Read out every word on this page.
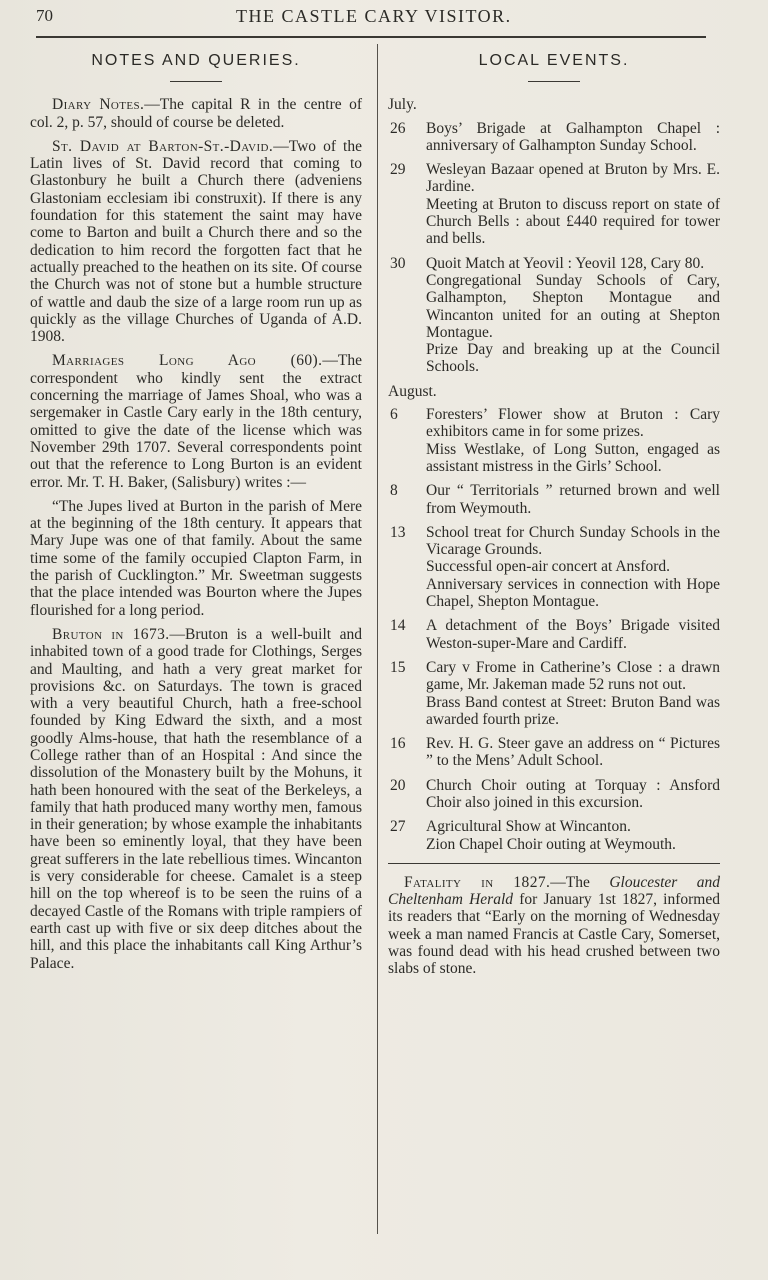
70	THE CASTLE CARY VISITOR.
NOTES AND QUERIES.

Diary Notes.—The capital R in the centre of col. 2, p. 57, should of course be deleted.

St. David at Barton-St.-David.—Two of the Latin lives of St. David record that coming to Glastonbury he built a Church there (adveniens Glastoniam ecclesiam ibi construxit). If there is any foundation for this statement the saint may have come to Barton and built a Church there and so the dedication to him record the forgotten fact that he actually preached to the heathen on its site. Of course the Church was not of stone but a humble structure of wattle and daub the size of a large room run up as quickly as the village Churches of Uganda of A.D. 1908.

Marriages Long Ago (60).—The correspondent who kindly sent the extract concerning the marriage of James Shoal, who was a sergemaker in Castle Cary early in the 18th century, omitted to give the date of the license which was November 29th 1707. Several correspondents point out that the reference to Long Burton is an evident error. Mr. T. H. Baker, (Salisbury) writes :—

“The Jupes lived at Burton in the parish of Mere at the beginning of the 18th century. It appears that Mary Jupe was one of that family. About the same time some of the family occupied Clapton Farm, in the parish of Cucklington.” Mr. Sweetman suggests that the place intended was Bourton where the Jupes flourished for a long period.

Bruton in 1673.—Bruton is a well-built and inhabited town of a good trade for Clothings, Serges and Maulting, and hath a very great market for provisions &c. on Saturdays. The town is graced with a very beautiful Church, hath a free-school founded by King Edward the sixth, and a most goodly Alms-house, that hath the resemblance of a College rather than of an Hospital : And since the dissolution of the Monastery built by the Mohuns, it hath been honoured with the seat of the Berkeleys, a family that hath produced many worthy men, famous in their generation; by whose example the inhabitants have been so eminently loyal, that they have been great sufferers in the late rebellious times. Wincanton is very considerable for cheese. Camalet is a steep hill on the top whereof is to be seen the ruins of a decayed Castle of the Romans with triple rampiers of earth cast up with five or six deep ditches about the hill, and this place the inhabitants call King Arthur’s Palace.

LOCAL EVENTS.
July.
26	Boys’ Brigade at Galhampton Chapel : anniversary of Galhampton Sunday School.
29	Wesleyan Bazaar opened at Bruton by Mrs. E. Jardine.
Meeting at Bruton to discuss report on state of Church Bells : about £440 required for tower and bells.
30	Quoit Match at Yeovil : Yeovil 128, Cary 80.
Congregational Sunday Schools of Cary, Galhampton, Shepton Montague and Wincanton united for an outing at Shepton Montague.
Prize Day and breaking up at the Council Schools.
August.
6	Foresters’ Flower show at Bruton : Cary exhibitors came in for some prizes.
Miss Westlake, of Long Sutton, engaged as assistant mistress in the Girls’ School.
8	Our “ Territorials ” returned brown and well from Weymouth.
13	School treat for Church Sunday Schools in the Vicarage Grounds.
Successful open-air concert at Ansford.
Anniversary services in connection with Hope Chapel, Shepton Montague.
14	A detachment of the Boys’ Brigade visited Weston-super-Mare and Cardiff.
15	Cary v Frome in Catherine’s Close : a drawn game, Mr. Jakeman made 52 runs not out.
Brass Band contest at Street: Bruton Band was awarded fourth prize.
16	Rev. H. G. Steer gave an address on “ Pictures ” to the Mens’ Adult School.
20	Church Choir outing at Torquay : Ansford Choir also joined in this excursion.
27	Agricultural Show at Wincanton.
Zion Chapel Choir outing at Weymouth.

Fatality in 1827.—The Gloucester and Cheltenham Herald for January 1st 1827, informed its readers that “Early on the morning of Wednesday week a man named Francis at Castle Cary, Somerset, was found dead with his head crushed between two slabs of stone.
